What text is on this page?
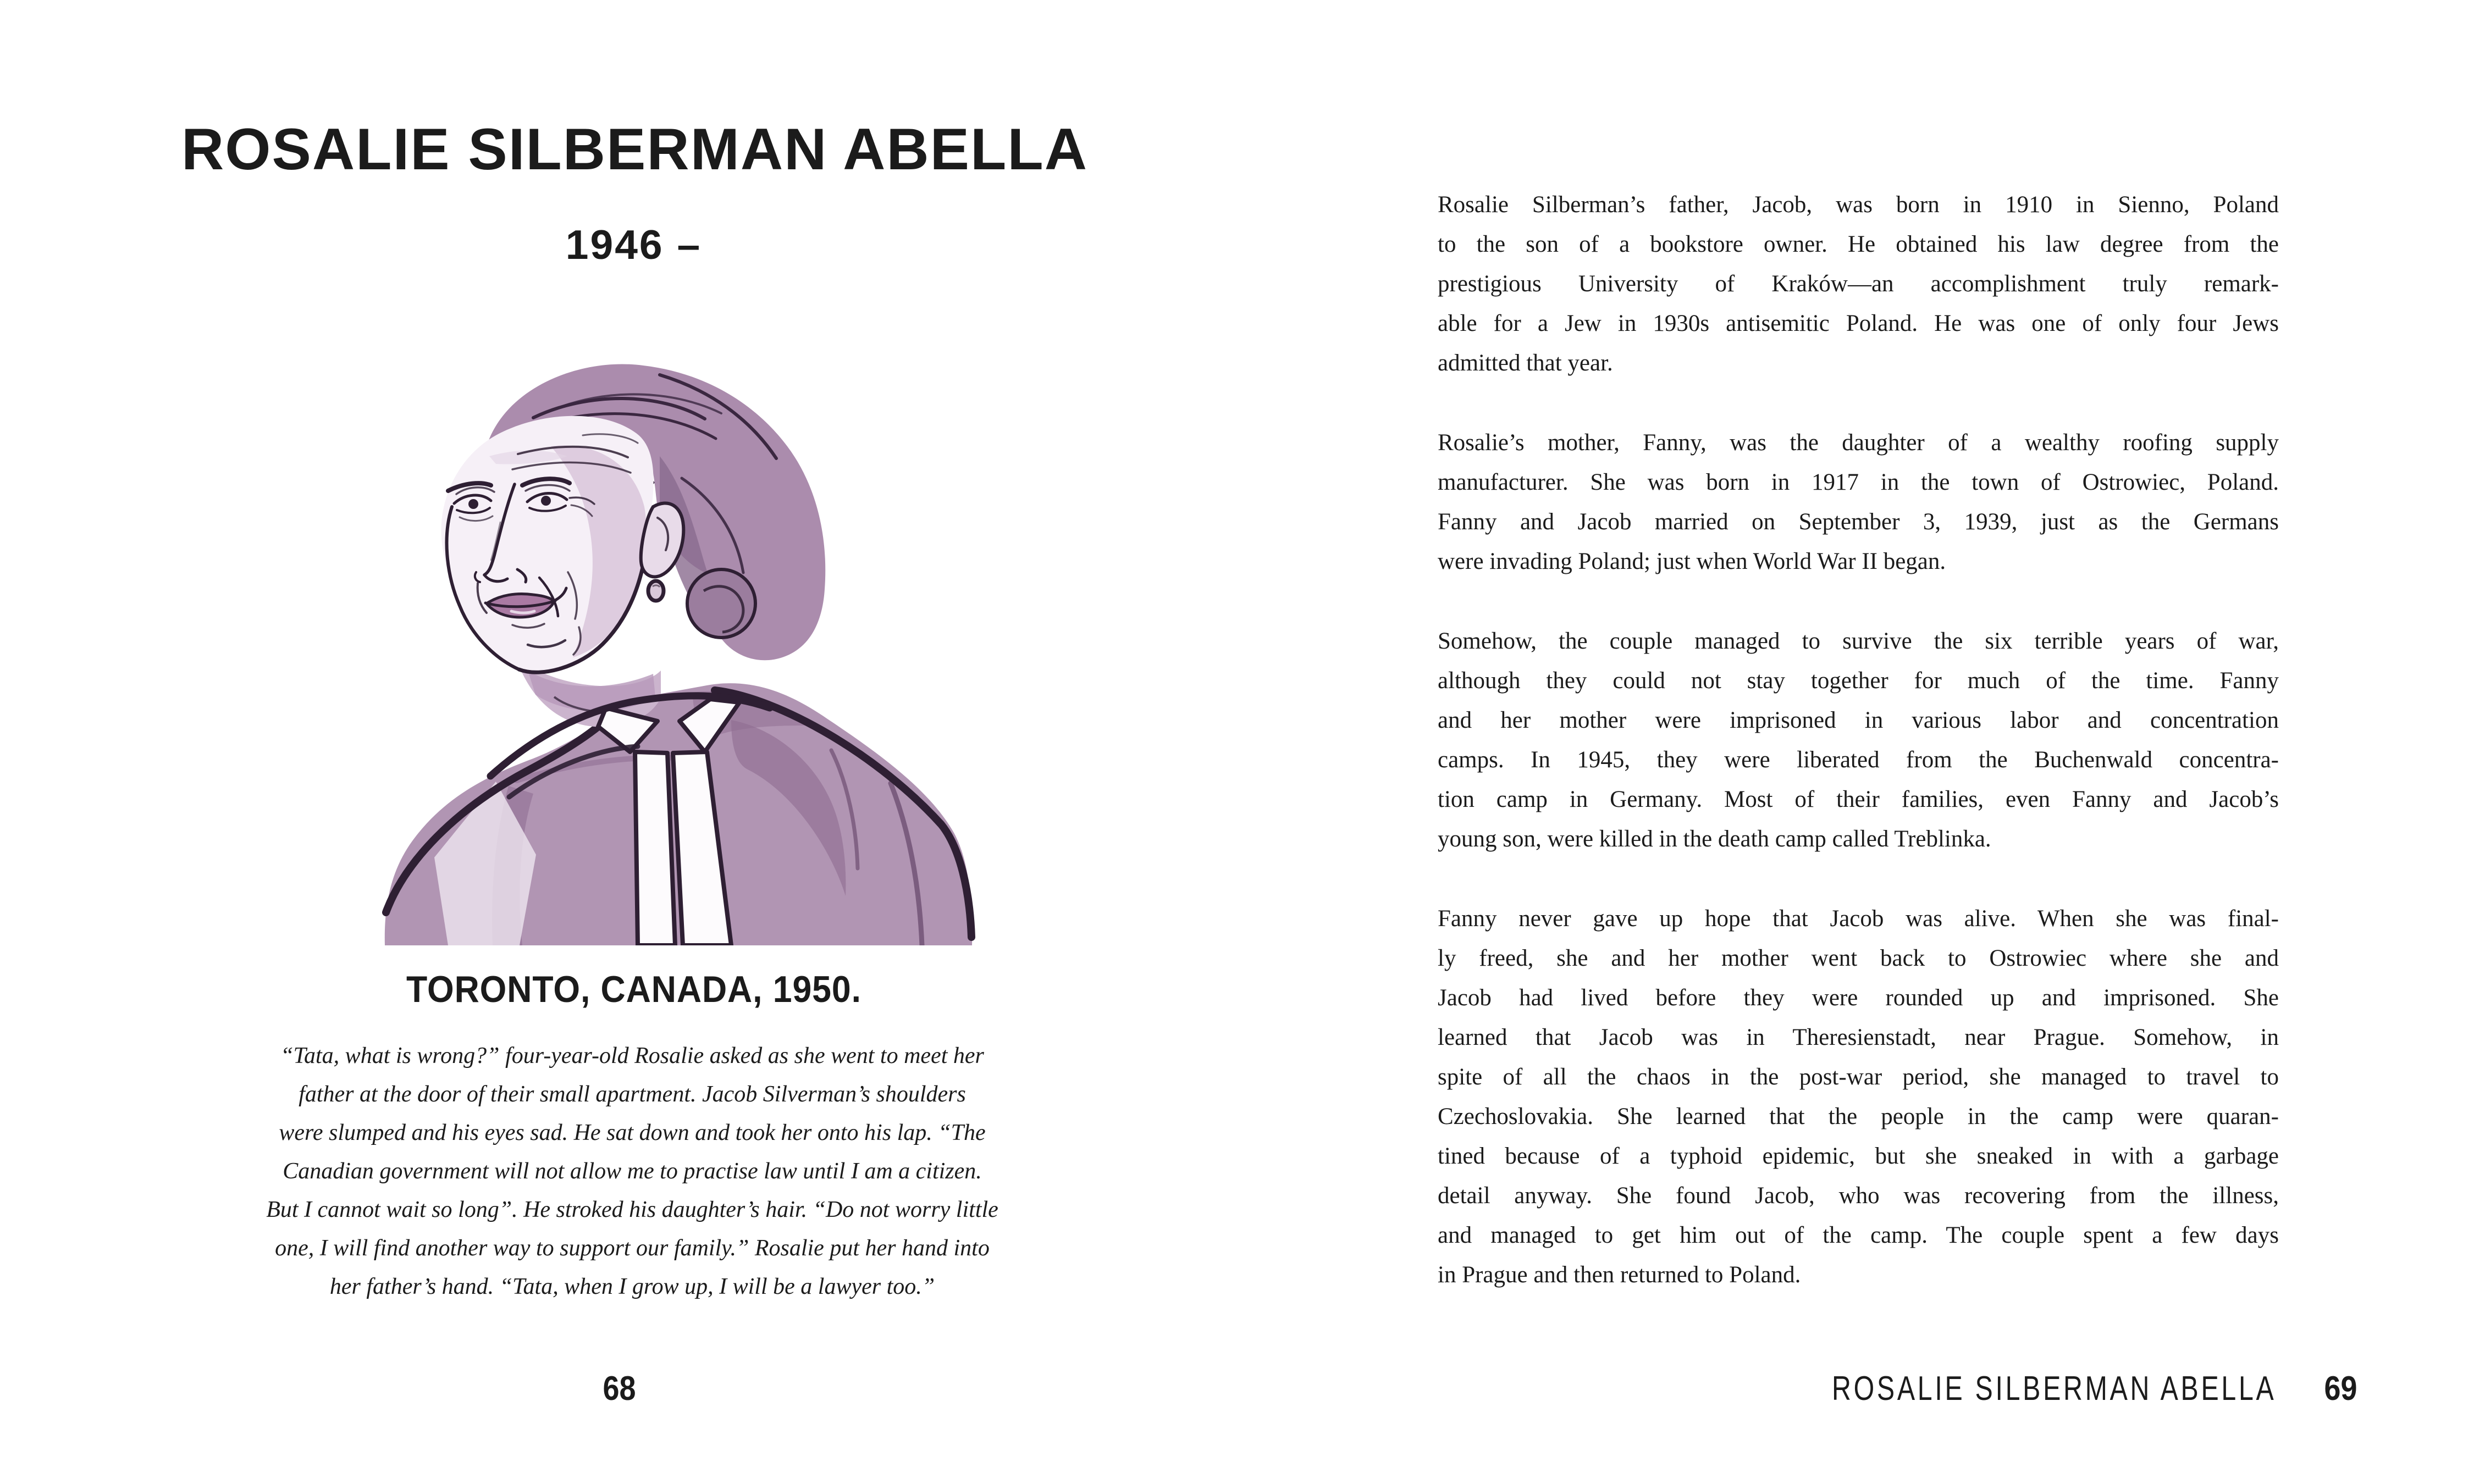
ROSALIE SILBERMAN ABELLA
1946 –
TORONTO, CANADA, 1950.
“Tata, what is wrong?” four-year-old Rosalie asked as she went to meet her
father at the door of their small apartment. Jacob Silverman’s shoulders
were slumped and his eyes sad. He sat down and took her onto his lap. “The
Canadian government will not allow me to practise law until I am a citizen.
But I cannot wait so long”. He stroked his daughter’s hair. “Do not worry little
one, I will find another way to support our family.” Rosalie put her hand into
her father’s hand. “Tata, when I grow up, I will be a lawyer too.”
68
Rosalie Silberman’s father, Jacob, was born in 1910 in Sienno, Poland
to the son of a bookstore owner. He obtained his law degree from the
prestigious University of Kraków—an accomplishment truly remark-
able for a Jew in 1930s antisemitic Poland. He was one of only four Jews
admitted that year.
Rosalie’s mother, Fanny, was the daughter of a wealthy roofing supply
manufacturer. She was born in 1917 in the town of Ostrowiec, Poland.
Fanny and Jacob married on September 3, 1939, just as the Germans
were invading Poland; just when World War II began.
Somehow, the couple managed to survive the six terrible years of war,
although they could not stay together for much of the time. Fanny
and her mother were imprisoned in various labor and concentration
camps. In 1945, they were liberated from the Buchenwald concentra-
tion camp in Germany. Most of their families, even Fanny and Jacob’s
young son, were killed in the death camp called Treblinka.
Fanny never gave up hope that Jacob was alive. When she was final-
ly freed, she and her mother went back to Ostrowiec where she and
Jacob had lived before they were rounded up and imprisoned. She
learned that Jacob was in Theresienstadt, near Prague. Somehow, in
spite of all the chaos in the post-war period, she managed to travel to
Czechoslovakia. She learned that the people in the camp were quaran-
tined because of a typhoid epidemic, but she sneaked in with a garbage
detail anyway. She found Jacob, who was recovering from the illness,
and managed to get him out of the camp. The couple spent a few days
in Prague and then returned to Poland.
ROSALIE SILBERMAN ABELLA	69
